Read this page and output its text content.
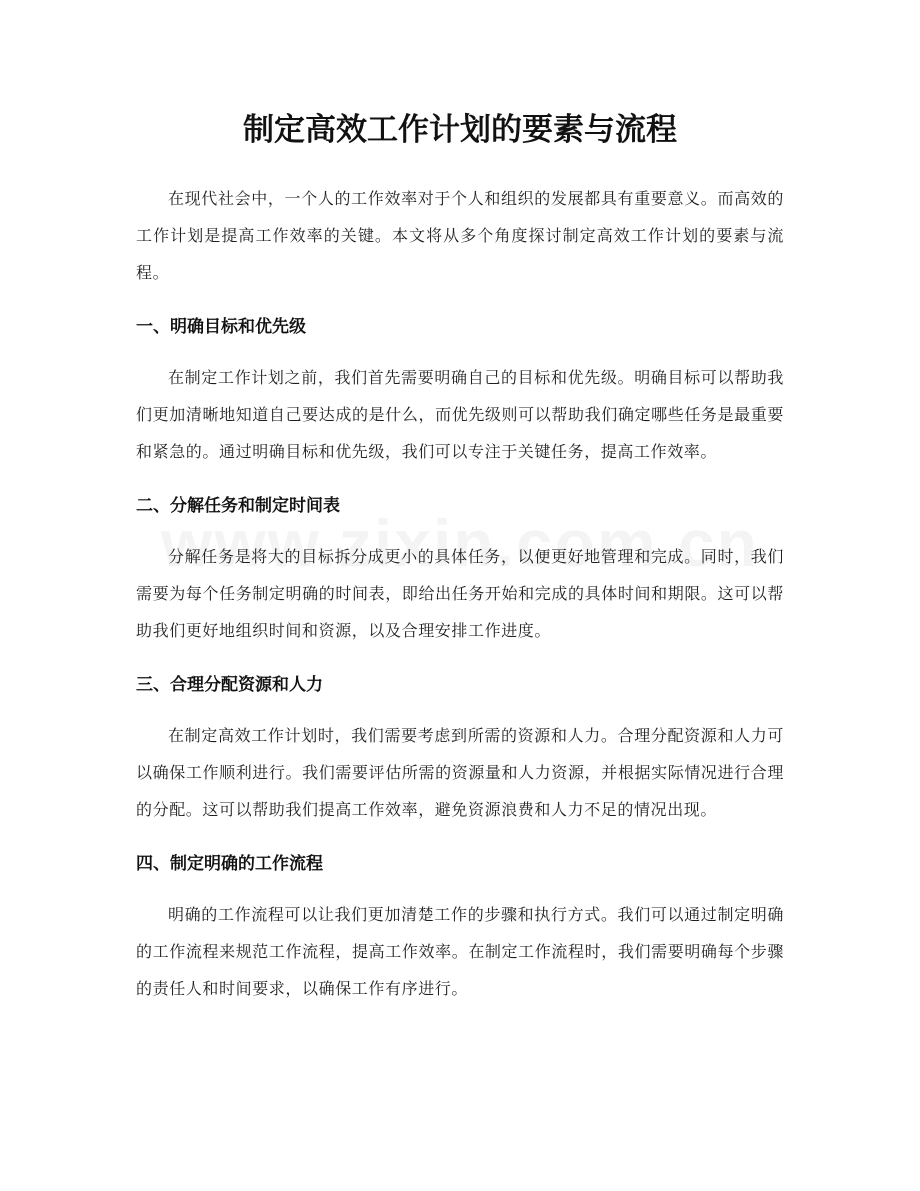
制定高效工作计划的要素与流程

在现代社会中，一个人的工作效率对于个人和组织的发展都具有重要意义。而高效的工作计划是提高工作效率的关键。本文将从多个角度探讨制定高效工作计划的要素与流程。

一、明确目标和优先级

在制定工作计划之前，我们首先需要明确自己的目标和优先级。明确目标可以帮助我们更加清晰地知道自己要达成的是什么，而优先级则可以帮助我们确定哪些任务是最重要和紧急的。通过明确目标和优先级，我们可以专注于关键任务，提高工作效率。

二、分解任务和制定时间表

分解任务是将大的目标拆分成更小的具体任务，以便更好地管理和完成。同时，我们需要为每个任务制定明确的时间表，即给出任务开始和完成的具体时间和期限。这可以帮助我们更好地组织时间和资源，以及合理安排工作进度。

三、合理分配资源和人力

在制定高效工作计划时，我们需要考虑到所需的资源和人力。合理分配资源和人力可以确保工作顺利进行。我们需要评估所需的资源量和人力资源，并根据实际情况进行合理的分配。这可以帮助我们提高工作效率，避免资源浪费和人力不足的情况出现。

四、制定明确的工作流程

明确的工作流程可以让我们更加清楚工作的步骤和执行方式。我们可以通过制定明确的工作流程来规范工作流程，提高工作效率。在制定工作流程时，我们需要明确每个步骤的责任人和时间要求，以确保工作有序进行。
